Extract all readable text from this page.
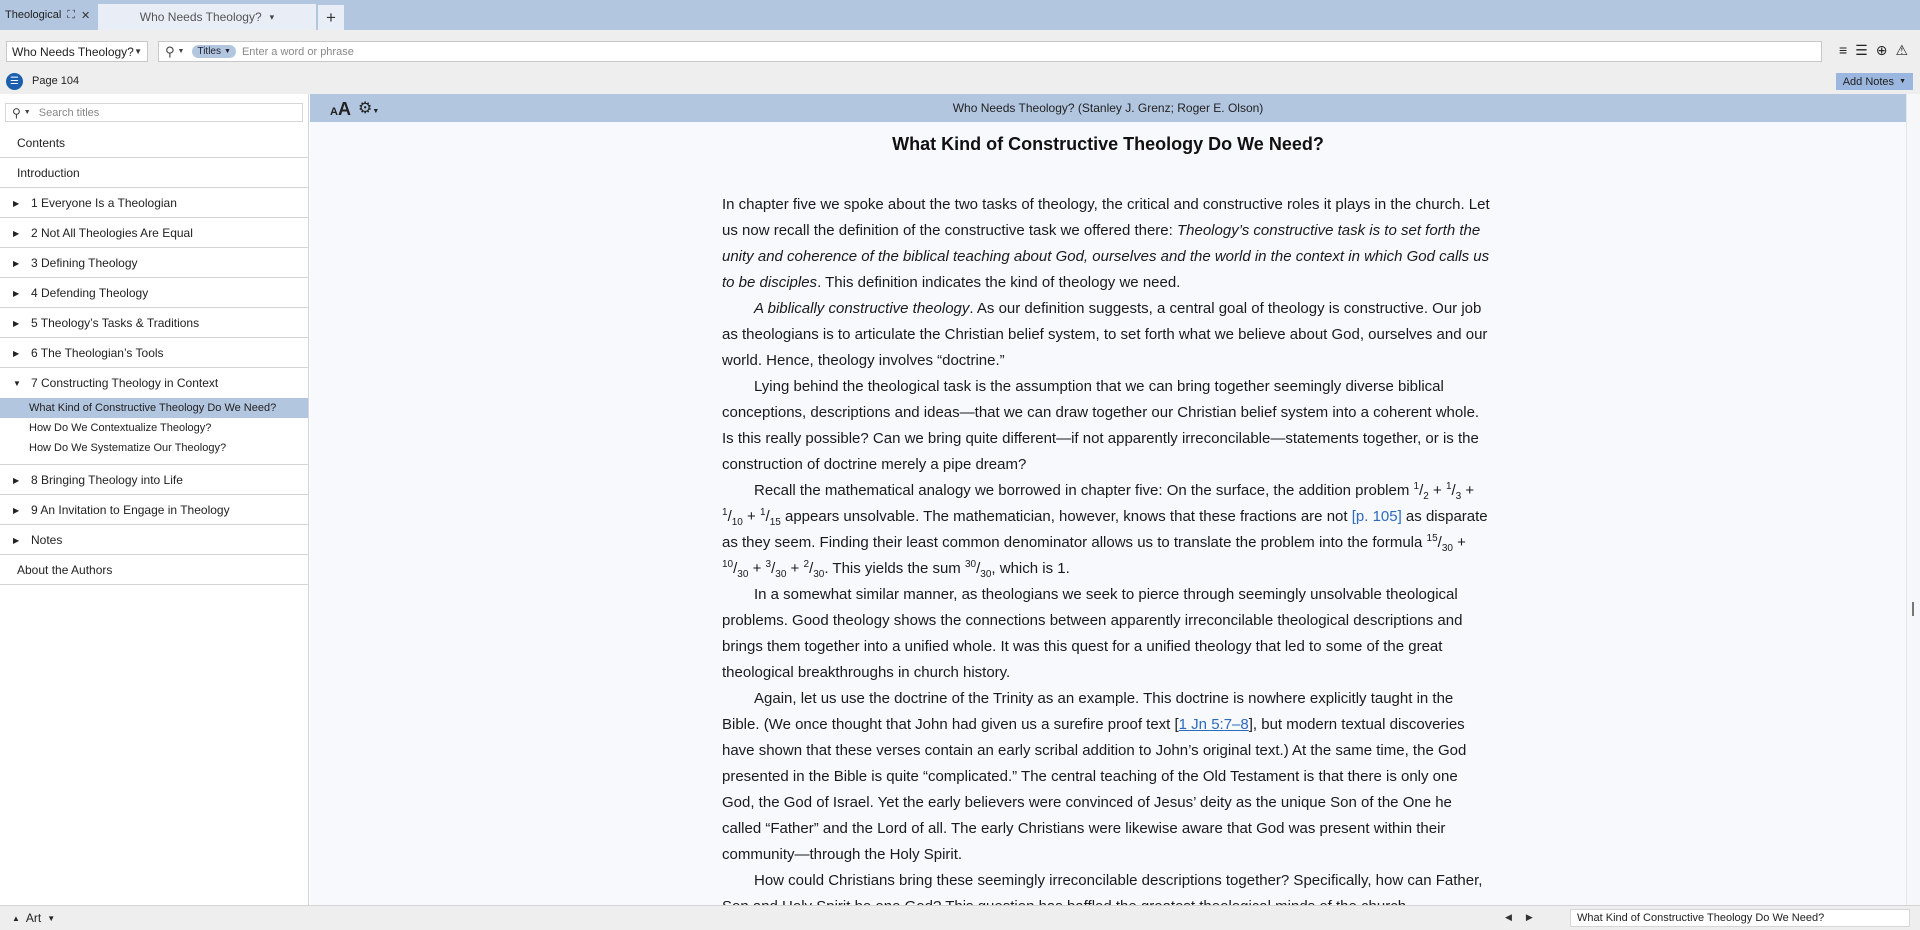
Theological ⛶ ✕	Who Needs Theology? ▾	+
Who Needs Theology? ▼ ⚲ ▼ Titles ▼
Enter a word or phrase	≡ ☰ ⊕ ⚠
☰	Page 104	Add Notes ▼
⚲ ▼
Search titles
Contents
Introduction
▶ 1 Everyone Is a Theologian
▶ 2 Not All Theologies Are Equal
▶ 3 Defining Theology
▶ 4 Defending Theology
▶ 5 Theology’s Tasks & Traditions
▶ 6 The Theologian’s Tools
▼ 7 Constructing Theology in Context
What Kind of Constructive Theology Do We Need?
How Do We Contextualize Theology?
How Do We Systematize Our Theology?
▶ 8 Bringing Theology into Life
▶ 9 An Invitation to Engage in Theology
▶ Notes
About the Authors
AA ⚙▼	Who Needs Theology? (Stanley J. Grenz; Roger E. Olson)
What Kind of Constructive Theology Do We Need?

In chapter five we spoke about the two tasks of theology, the critical and constructive roles it plays in the church. Let us now recall the definition of the constructive task we offered there: Theology’s constructive task is to set forth the unity and coherence of the biblical teaching about God, ourselves and the world in the context in which God calls us to be disciples. This definition indicates the kind of theology we need.

A biblically constructive theology. As our definition suggests, a central goal of theology is constructive. Our job as theologians is to articulate the Christian belief system, to set forth what we believe about God, ourselves and our world. Hence, theology involves “doctrine.”

Lying behind the theological task is the assumption that we can bring together seemingly diverse biblical conceptions, descriptions and ideas—that we can draw together our Christian belief system into a coherent whole. Is this really possible? Can we bring quite different—if not apparently irreconcilable—statements together, or is the construction of doctrine merely a pipe dream?

Recall the mathematical analogy we borrowed in chapter five: On the surface, the addition problem $^1/_2 + ^1/_3 + ^1/_{10} + ^1/_{15}$ appears unsolvable. The mathematician, however, knows that these fractions are not [p. 105] as disparate as they seem. Finding their least common denominator allows us to translate the problem into the formula $^{15}/_{30} + ^{10}/_{30} + ^3/_{30} + ^2/_{30}$. This yields the sum $^{30}/_{30}$, which is 1.

In a somewhat similar manner, as theologians we seek to pierce through seemingly unsolvable theological problems. Good theology shows the connections between apparently irreconcilable theological descriptions and brings them together into a unified whole. It was this quest for a unified theology that led to some of the great theological breakthroughs in church history.

Again, let us use the doctrine of the Trinity as an example. This doctrine is nowhere explicitly taught in the Bible. (We once thought that John had given us a surefire proof text [1 Jn 5:7–8], but modern textual discoveries have shown that these verses contain an early scribal addition to John’s original text.) At the same time, the God presented in the Bible is quite “complicated.” The central teaching of the Old Testament is that there is only one God, the God of Israel. Yet the early believers were convinced of Jesus’ deity as the unique Son of the One he called “Father” and the Lord of all. The early Christians were likewise aware that God was present within their community—through the Holy Spirit.

How could Christians bring these seemingly irreconcilable descriptions together? Specifically, how can Father,

▲ Art ▼	◀ ▶	What Kind of Constructive Theology Do We Need?
